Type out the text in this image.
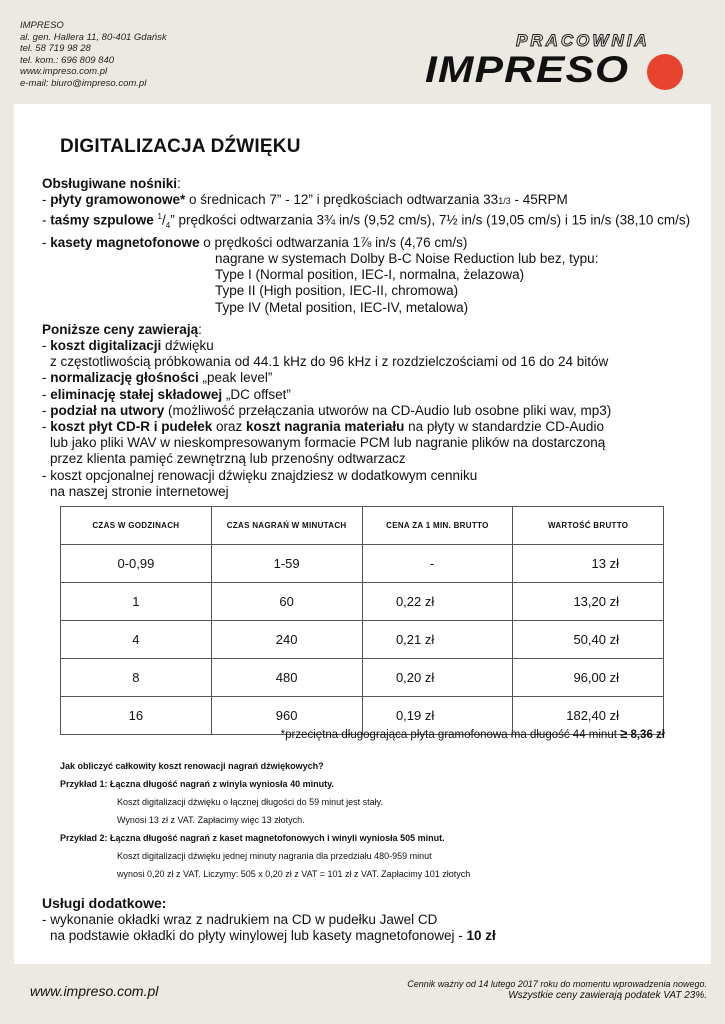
IMPRESO
al. gen. Hallera 11, 80-401 Gdańsk
tel. 58 719 98 28
tel. kom.: 696 809 840
www.impreso.com.pl
e-mail: biuro@impreso.com.pl
PRACOWNIA
IMPRESO
DIGITALIZACJA DŹWIĘKU
Obsługiwane nośniki:
- płyty gramowonowe* o średnicach 7” - 12” i prędkościach odtwarzania 331/3 - 45RPM
- taśmy szpulowe $^1/_4$” prędkości odtwarzania 3¾ in/s (9,52 cm/s), 7½ in/s (19,05 cm/s) i 15 in/s (38,10 cm/s)
- kasety magnetofonowe o prędkości odtwarzania 1⅞ in/s (4,76 cm/s)
nagrane w systemach Dolby B-C Noise Reduction lub bez, typu:
Type I (Normal position, IEC-I, normalna, żelazowa)
Type II (High position, IEC-II, chromowa)
Type IV (Metal position, IEC-IV, metalowa)
Poniższe ceny zawierają:
- koszt digitalizacji dźwięku
z częstotliwością próbkowania od 44.1 kHz do 96 kHz i z rozdzielczościami od 16 do 24 bitów
- normalizację głośności „peak level”
- eliminację stałej składowej „DC offset”
- podział na utwory (możliwość przełączania utworów na CD-Audio lub osobne pliki wav, mp3)
- koszt płyt CD-R i pudełek oraz koszt nagrania materiału na płyty w standardzie CD-Audio
lub jako pliki WAV w nieskompresowanym formacie PCM lub nagranie plików na dostarczoną
przez klienta pamięć zewnętrzną lub przenośny odtwarzacz
- koszt opcjonalnej renowacji dźwięku znajdziesz w dodatkowym cenniku
na naszej stronie internetowej
CZAS W GODZINACH	CZAS NAGRAŃ W MINUTACH	CENA ZA 1 MIN. BRUTTO	WARTOŚĆ BRUTTO
0-0,99	1-59	-	13 zł
1	60	0,22 zł	13,20 zł
4	240	0,21 zł	50,40 zł
8	480	0,20 zł	96,00 zł
16	960	0,19 zł	182,40 zł
*przeciętna długogrająca płyta gramofonowa ma długość 44 minut ≥ 8,36 zł
Jak obliczyć całkowity koszt renowacji nagrań dźwiękowych?
Przykład 1: Łączna długość nagrań z winyla wyniosła 40 minuty.
Koszt digitalizacji dźwięku o łącznej długości do 59 minut jest stały.
Wynosi 13 zł z VAT. Zapłacimy więc 13 złotych.
Przykład 2: Łączna długość nagrań z kaset magnetofonowych i winyli wyniosła 505 minut.
Koszt digitalizacji dźwięku jednej minuty nagrania dla przedziału 480-959 minut
wynosi 0,20 zł z VAT. Liczymy: 505 x 0,20 zł z VAT = 101 zł z VAT. Zapłacimy 101 złotych
Usługi dodatkowe:
- wykonanie okładki wraz z nadrukiem na CD w pudełku Jawel CD
na podstawie okładki do płyty winylowej lub kasety magnetofonowej - 10 zł
www.impreso.com.pl	Cennik ważny od 14 lutego 2017 roku do momentu wprowadzenia nowego.
Wszystkie ceny zawierają podatek VAT 23%.
